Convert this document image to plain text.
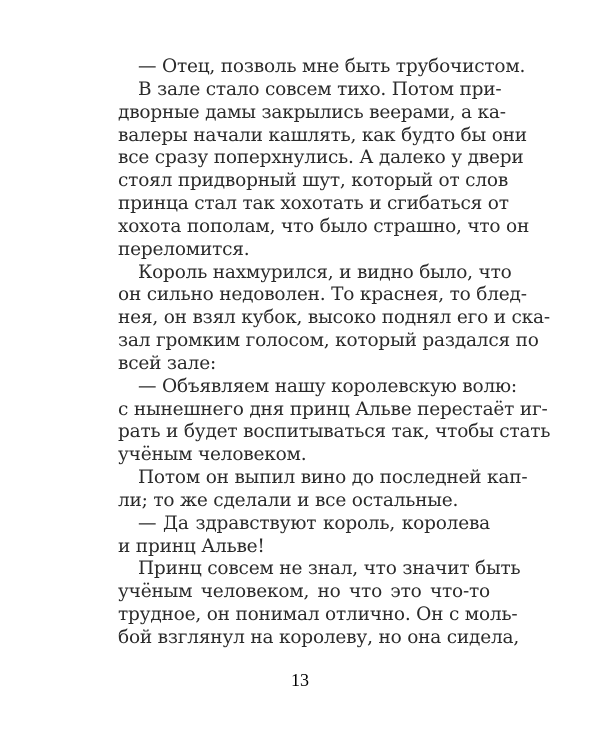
— Отец, позволь мне быть трубочистом.
В зале стало совсем тихо. Потом при-
дворные дамы закрылись веерами, а ка-
валеры начали кашлять, как будто бы они
все сразу поперхнулись. А далеко у двери
стоял придворный шут, который от слов
принца стал так хохотать и сгибаться от
хохота пополам, что было страшно, что он
переломится.
Король нахмурился, и видно было, что
он сильно недоволен. То краснея, то блед-
нея, он взял кубок, высоко поднял его и ска-
зал громким голосом, который раздался по
всей зале:
— Объявляем нашу королевскую волю:
с нынешнего дня принц Альве перестаёт иг-
рать и будет воспитываться так, чтобы стать
учёным человеком.
Потом он выпил вино до последней кап-
ли; то же сделали и все остальные.
— Да здравствуют король, королева
и принц Альве!
Принц совсем не знал, что значит быть
учёным человеком, но что это что-то
трудное, он понимал отлично. Он с моль-
бой взглянул на королеву, но она сидела,
13
